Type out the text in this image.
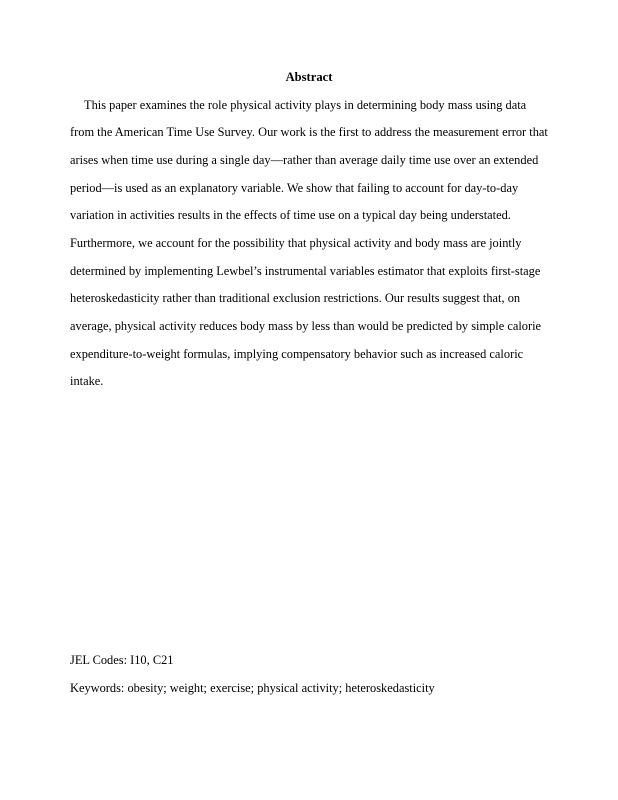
Abstract
This paper examines the role physical activity plays in determining body mass using data
from the American Time Use Survey. Our work is the first to address the measurement error that
arises when time use during a single day—rather than average daily time use over an extended
period—is used as an explanatory variable. We show that failing to account for day-to-day
variation in activities results in the effects of time use on a typical day being understated.
Furthermore, we account for the possibility that physical activity and body mass are jointly
determined by implementing Lewbel’s instrumental variables estimator that exploits first-stage
heteroskedasticity rather than traditional exclusion restrictions. Our results suggest that, on
average, physical activity reduces body mass by less than would be predicted by simple calorie
expenditure-to-weight formulas, implying compensatory behavior such as increased caloric
intake.
JEL Codes: I10, C21
Keywords: obesity; weight; exercise; physical activity; heteroskedasticity
